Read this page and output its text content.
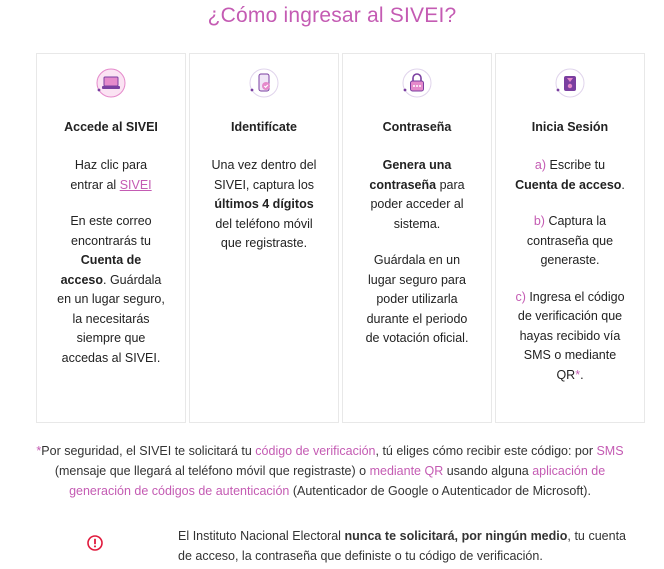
¿Cómo ingresar al SIVEI?
Accede al SIVEI

Haz clic para entrar al SIVEI

En este correo encontrarás tu Cuenta de acceso. Guárdala en un lugar seguro, la necesitarás siempre que accedas al SIVEI.

Identifícate

Una vez dentro del SIVEI, captura los últimos 4 dígitos del teléfono móvil que registraste.

Contraseña

Genera una contraseña para poder acceder al sistema.

Guárdala en un lugar seguro para poder utilizarla durante el periodo de votación oficial.

Inicia Sesión

a) Escribe tu Cuenta de acceso.

b) Captura la contraseña que generaste.

c) Ingresa el código de verificación que hayas recibido vía SMS o mediante QR*.

*Por seguridad, el SIVEI te solicitará tu código de verificación, tú eliges cómo recibir este código: por SMS (mensaje que llegará al teléfono móvil que registraste) o mediante QR usando alguna aplicación de generación de códigos de autenticación (Autenticador de Google o Autenticador de Microsoft).
El Instituto Nacional Electoral nunca te solicitará, por ningún medio, tu cuenta de acceso, la contraseña que definiste o tu código de verificación.
